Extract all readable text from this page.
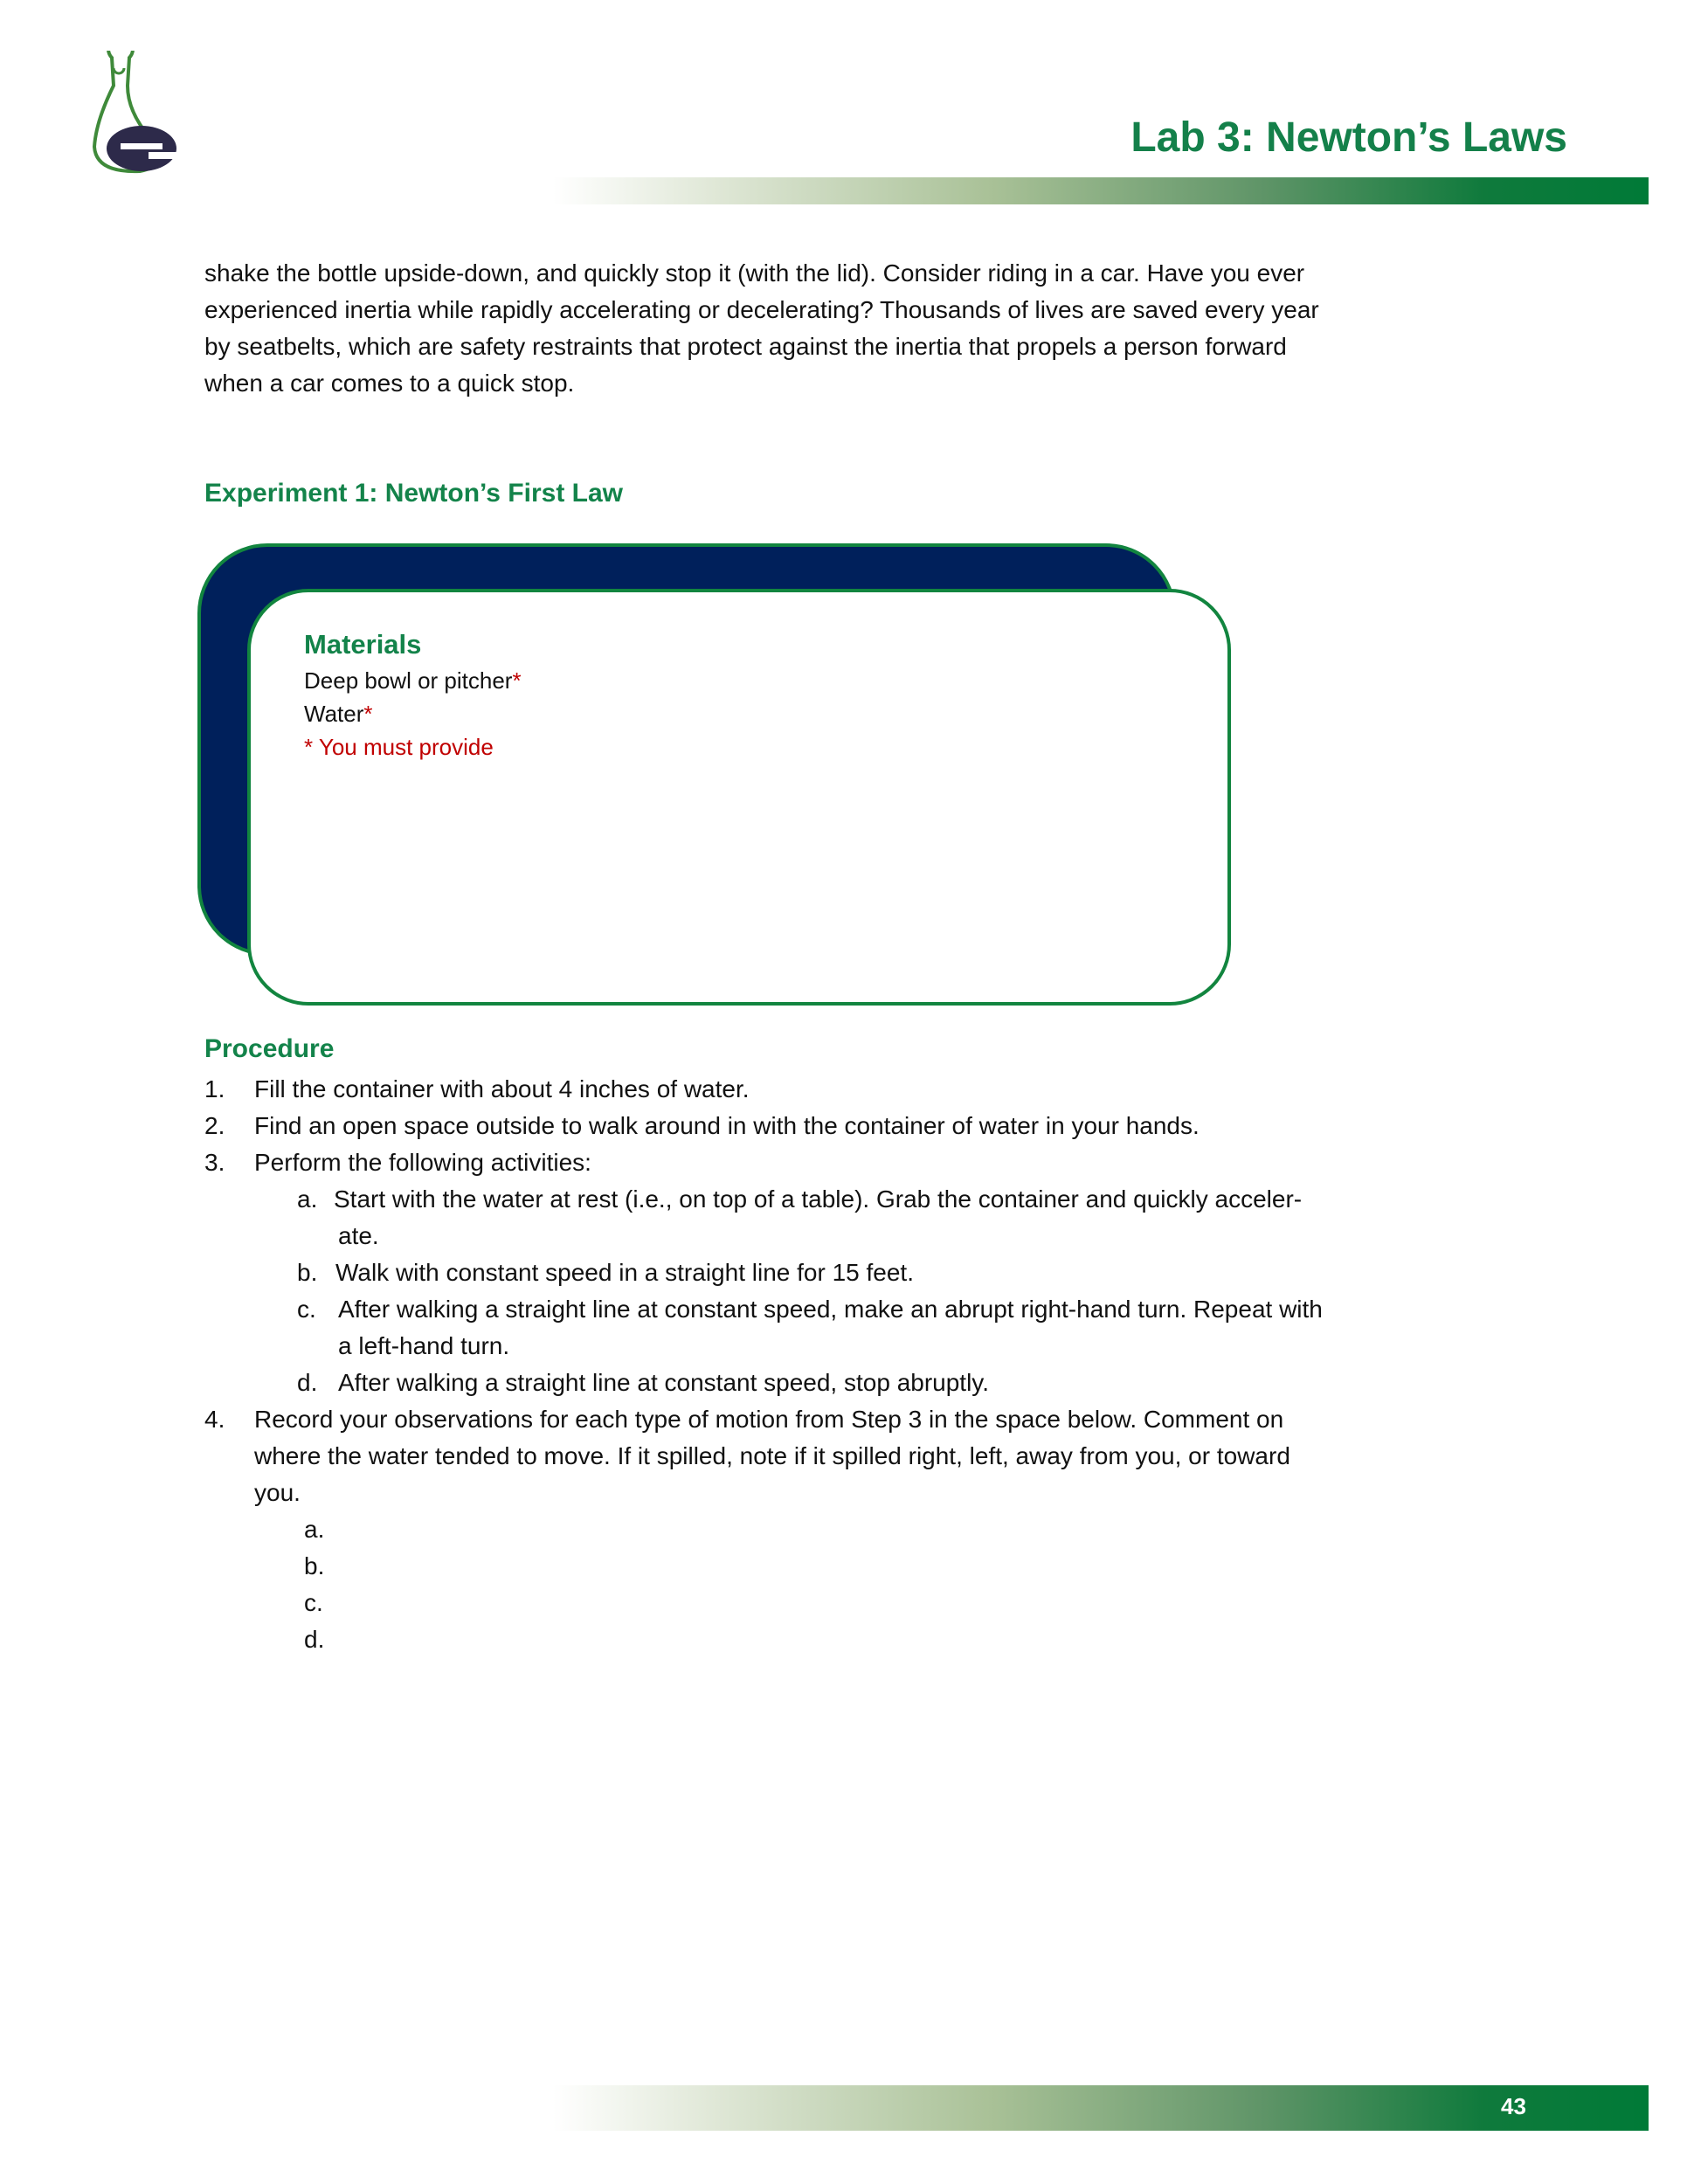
Lab 3: Newton’s Laws
shake the bottle upside-down, and quickly stop it (with the lid). Consider riding in a car. Have you ever
experienced inertia while rapidly accelerating or decelerating? Thousands of lives are saved every year
by seatbelts, which are safety restraints that protect against the inertia that propels a person forward
when a car comes to a quick stop.
Experiment 1: Newton’s First Law
Materials
Deep bowl or pitcher*
Water*
* You must provide
Procedure
1. Fill the container with about 4 inches of water.
2. Find an open space outside to walk around in with the container of water in your hands.
3. Perform the following activities:
a. Start with the water at rest (i.e., on top of a table). Grab the container and quickly acceler-
ate.
b. Walk with constant speed in a straight line for 15 feet.
c. After walking a straight line at constant speed, make an abrupt right-hand turn. Repeat with
a left-hand turn.
d. After walking a straight line at constant speed, stop abruptly.
4. Record your observations for each type of motion from Step 3 in the space below. Comment on
where the water tended to move. If it spilled, note if it spilled right, left, away from you, or toward
you.
a.
b.
c.
d.
43
